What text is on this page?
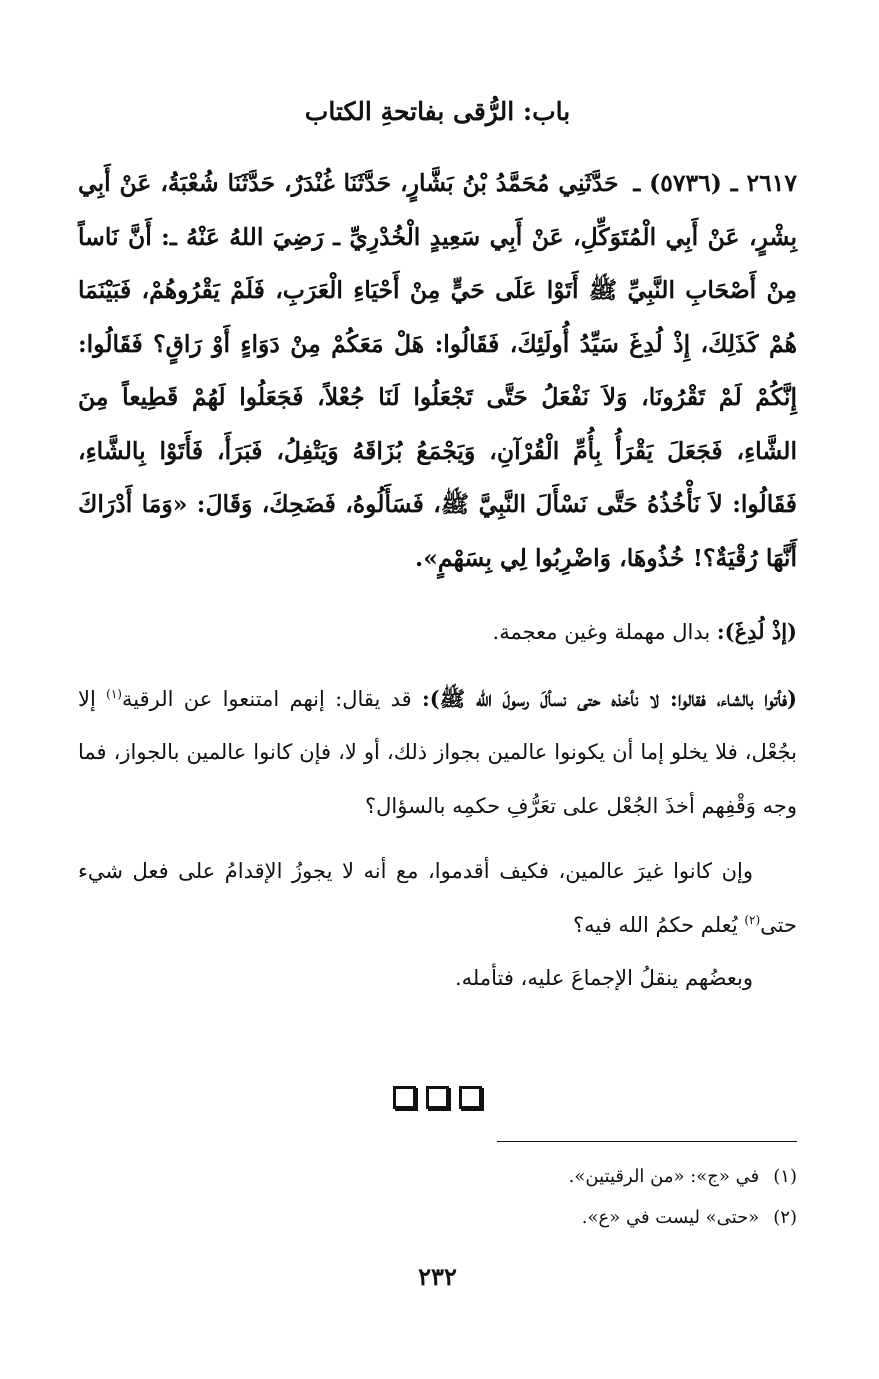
باب: الرُّقى بفاتحةِ الكتاب
٢٦١٧ ـ (٥٧٣٦) ـ حَدَّثَنِي مُحَمَّدُ بْنُ بَشَّارٍ، حَدَّثَنَا غُنْدَرٌ، حَدَّثَنَا شُعْبَةُ، عَنْ أَبِي بِشْرٍ، عَنْ أَبِي الْمُتَوَكِّلِ، عَنْ أَبِي سَعِيدٍ الْخُدْرِيِّ ـ رَضِيَ اللهُ عَنْهُ ـ: أَنَّ نَاساً مِنْ أَصْحَابِ النَّبِيِّ ﷺ أَتَوْا عَلَى حَيٍّ مِنْ أَحْيَاءِ الْعَرَبِ، فَلَمْ يَقْرُوهُمْ، فَبَيْنَمَا هُمْ كَذَلِكَ، إِذْ لُدِغَ سَيِّدُ أُولَئِكَ، فَقَالُوا: هَلْ مَعَكُمْ مِنْ دَوَاءٍ أَوْ رَاقٍ؟ فَقَالُوا: إِنَّكُمْ لَمْ تَقْرُونَا، وَلاَ نَفْعَلُ حَتَّى تَجْعَلُوا لَنَا جُعْلاً، فَجَعَلُوا لَهُمْ قَطِيعاً مِنَ الشَّاءِ، فَجَعَلَ يَقْرَأُ بِأُمِّ الْقُرْآنِ، وَيَجْمَعُ بُزَاقَهُ وَيَتْفِلُ، فَبَرَأَ، فَأَتَوْا بِالشَّاءِ، فَقَالُوا: لاَ نَأْخُذُهُ حَتَّى نَسْأَلَ النَّبِيَّ ﷺ، فَسَأَلُوهُ، فَضَحِكَ، وَقَالَ: «وَمَا أَدْرَاكَ أَنَّهَا رُقْيَةٌ؟! خُذُوهَا، وَاضْرِبُوا لِي بِسَهْمٍ».

(إذْ لُدِغَ): بدال مهملة وغين معجمة.

(فأتوا بالشاء، فقالوا: لا نأخذه حتى نسألَ رسولَ الله ﷺ): قد يقال: إنهم امتنعوا عن الرقية$^{(١)}$ إلا بجُعْل، فلا يخلو إما أن يكونوا عالمين بجواز ذلك، أو لا، فإن كانوا عالمين بالجواز، فما وجه وَقْفِهم أخذَ الجُعْل على تعَرُّفِ حكمِه بالسؤال؟

وإن كانوا غيرَ عالمين، فكيف أقدموا، مع أنه لا يجوزُ الإقدامُ على فعل شيء حتى$^{(٢)}$ يُعلم حكمُ الله فيه؟

وبعضُهم ينقلُ الإجماعَ عليه، فتأمله.

(١)في «ج»: «من الرقيتين».
(٢)«حتى» ليست في «ع».
٢٣٢
